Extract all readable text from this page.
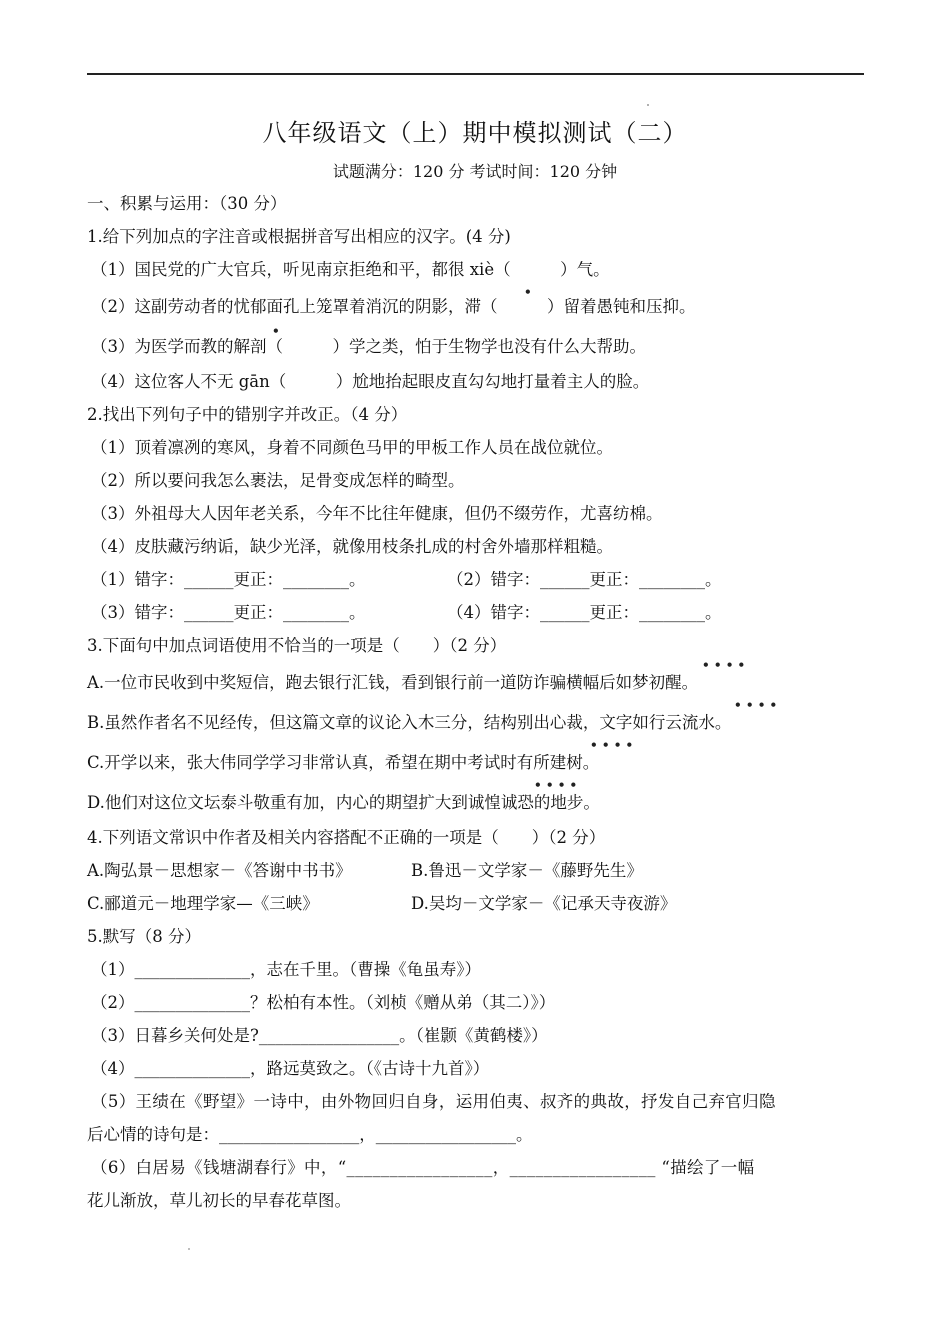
八年级语文（上）期中模拟测试（二）
试题满分：120 分 考试时间：120 分钟
一、积累与运用：（30 分）
1.给下列加点的字注音或根据拼音写出相应的汉字。(4 分)
（1）国民党的广大官兵，听见南京拒绝和平，都很 xiè（　　　）气。
•
（2）这副劳动者的忧郁面孔上笼罩着消沉的阴影，滞（　　　）留着愚钝和压抑。
•
（3）为医学而教的解剖（　　　）学之类，怕于生物学也没有什么大帮助。
（4）这位客人不无 gān（　　　）尬地抬起眼皮直勾勾地打量着主人的脸。
2.找出下列句子中的错别字并改正。（4 分）
（1）顶着凛冽的寒风，身着不同颜色马甲的甲板工作人员在战位就位。
（2）所以要问我怎么裹法，足骨变成怎样的畸型。
（3）外祖母大人因年老关系，今年不比往年健康，但仍不缀劳作，尤喜纺棉。
（4）皮肤藏污纳诟，缺少光泽，就像用枝条扎成的村舍外墙那样粗糙。
（1）错字：______更正：________。	（2）错字：______更正：________。
（3）错字：______更正：________。	（4）错字：______更正：________。
3.下面句中加点词语使用不恰当的一项是（　　）（2 分）
• • • •
A.一位市民收到中奖短信，跑去银行汇钱，看到银行前一道防诈骗横幅后如梦初醒。
• • • •
B.虽然作者名不见经传，但这篇文章的议论入木三分，结构别出心裁，文字如行云流水。
• • • •
C.开学以来，张大伟同学学习非常认真，希望在期中考试时有所建树。
• • • •
D.他们对这位文坛泰斗敬重有加，内心的期望扩大到诚惶诚恐的地步。
4.下列语文常识中作者及相关内容搭配不正确的一项是（　　）（2 分）
A.陶弘景－思想家－《答谢中书书》	B.鲁迅－文学家－《藤野先生》
C.郦道元－地理学家—《三峡》	D.吴均－文学家－《记承天寺夜游》
5.默写（8 分）
（1）______________，志在千里。（曹操《龟虽寿》）
（2）______________？松柏有本性。（刘桢《赠从弟（其二）》）
（3）日暮乡关何处是?_________________。（崔颢《黄鹤楼》）
（4）______________，路远莫致之。（《古诗十九首》）
（5）王绩在《野望》一诗中，由外物回归自身，运用伯夷、叔齐的典故，抒发自己弃官归隐
后心情的诗句是：_________________，_________________。
（6）白居易《钱塘湖春行》中，“_________________，_________________ “描绘了一幅
花儿渐放，草儿初长的早春花草图。
